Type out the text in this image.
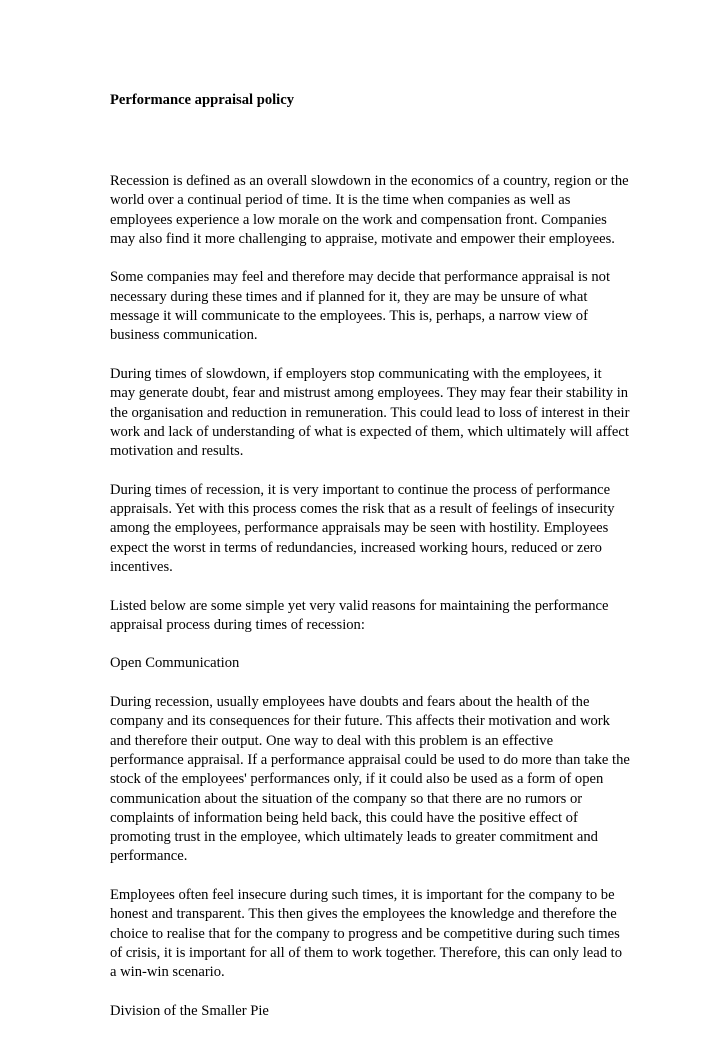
Performance appraisal policy

Recession is defined as an overall slowdown in the economics of a country, region or the world over a continual period of time. It is the time when companies as well as employees experience a low morale on the work and compensation front. Companies may also find it more challenging to appraise, motivate and empower their employees.

Some companies may feel and therefore may decide that performance appraisal is not necessary during these times and if planned for it, they are may be unsure of what message it will communicate to the employees. This is, perhaps, a narrow view of business communication.

During times of slowdown, if employers stop communicating with the employees, it may generate doubt, fear and mistrust among employees. They may fear their stability in the organisation and reduction in remuneration. This could lead to loss of interest in their work and lack of understanding of what is expected of them, which ultimately will affect motivation and results.

During times of recession, it is very important to continue the process of performance appraisals. Yet with this process comes the risk that as a result of feelings of insecurity among the employees, performance appraisals may be seen with hostility. Employees expect the worst in terms of redundancies, increased working hours, reduced or zero incentives.

Listed below are some simple yet very valid reasons for maintaining the performance appraisal process during times of recession:

Open Communication

During recession, usually employees have doubts and fears about the health of the company and its consequences for their future. This affects their motivation and work and therefore their output. One way to deal with this problem is an effective performance appraisal. If a performance appraisal could be used to do more than take the stock of the employees' performances only, if it could also be used as a form of open communication about the situation of the company so that there are no rumors or complaints of information being held back, this could have the positive effect of promoting trust in the employee, which ultimately leads to greater commitment and performance.

Employees often feel insecure during such times, it is important for the company to be honest and transparent. This then gives the employees the knowledge and therefore the choice to realise that for the company to progress and be competitive during such times of crisis, it is important for all of them to work together. Therefore, this can only lead to a win-win scenario.

Division of the Smaller Pie
